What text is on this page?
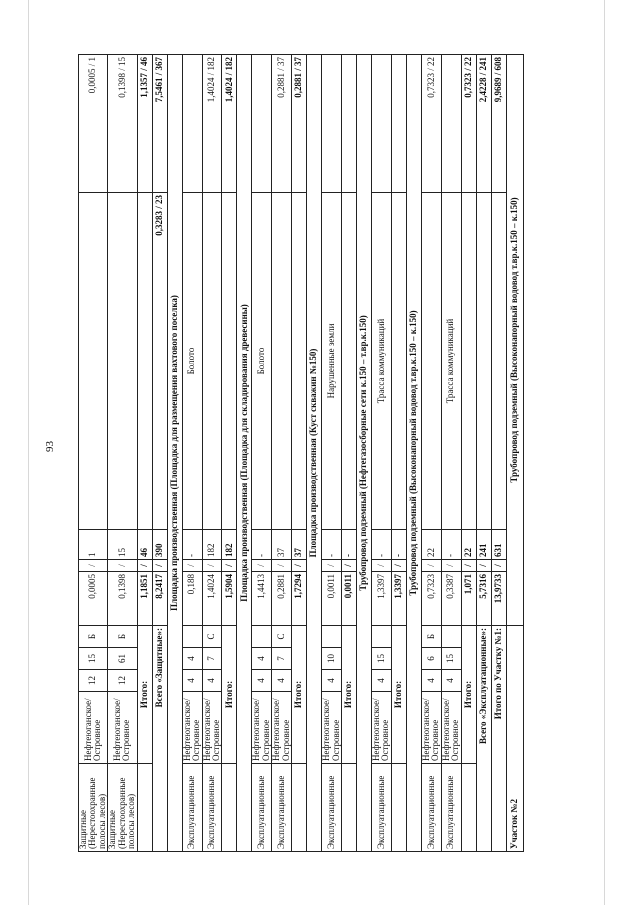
93
Защитные (Нерестоохранные полосы лесов)	Нефтеюганское/ Островное	12	15	Б	0,0005	/	1		0,0005 / 1
Защитные (Нерестоохранные полосы лесов)	Нефтеюганское/ Островное	12	61	Б	0,1398	/	15		0,1398 / 15
	Итого:				1,1851	/	46		1,1357 / 46
Всего «Защитные»:					8,2417	/	390	0,3283 / 23	7,5461 / 367
Площадка производственная (Площадка для размещения вахтового поселка)									
Эксплуатационные	Нефтеюганское/ Островное	4	4		0,188	/	-	Болото	
Эксплуатационные	Нефтеюганское/ Островное	4	7	С	1,4024	/	182		1,4024 / 182
	Итого:				1,5904	/	182		1,4024 / 182
Площадка производственная (Площадка для складирования древесины)									
Эксплуатационные	Нефтеюганское/ Островное	4	4		1,4413	/	-	Болото	
Эксплуатационные	Нефтеюганское/ Островное	4	7	С	0,2881	/	37		0,2881 / 37
	Итого:				1,7294	/	37		0,2881 / 37
Площадка производственная (Куст скважин №150)									
Эксплуатационные	Нефтеюганское/ Островное	4	10		0,0011	/	-	Нарушенные земли	
	Итого:				0,0011	/	-		
Трубопровод подземный (Нефтегазосборные сети к.150 – т.вр.к.150)									
Эксплуатационные	Нефтеюганское/ Островное	4	15		1,3397	/	-	Трасса коммуникаций	
	Итого:				1,3397	/	-		
Трубопровод подземный (Высоконапорный водовод т.вр.к.150 – к.150)									
Эксплуатационные	Нефтеюганское/ Островное	4	6	Б	0,7323	/	22		0,7323 / 22
Эксплуатационные	Нефтеюганское/ Островное	4	15		0,3387	/	-	Трасса коммуникаций	
	Итого:				1,071	/	22		0,7323 / 22
Всего «Эксплуатационные»:					5,7316	/	241		2,4228 / 241
Итого по Участку №1:					13,9733	/	631		9,9689 / 608
Участок №2					Трубопровод подземный (Высоконапорный водовод т.вр.к.150 – к.150)				
